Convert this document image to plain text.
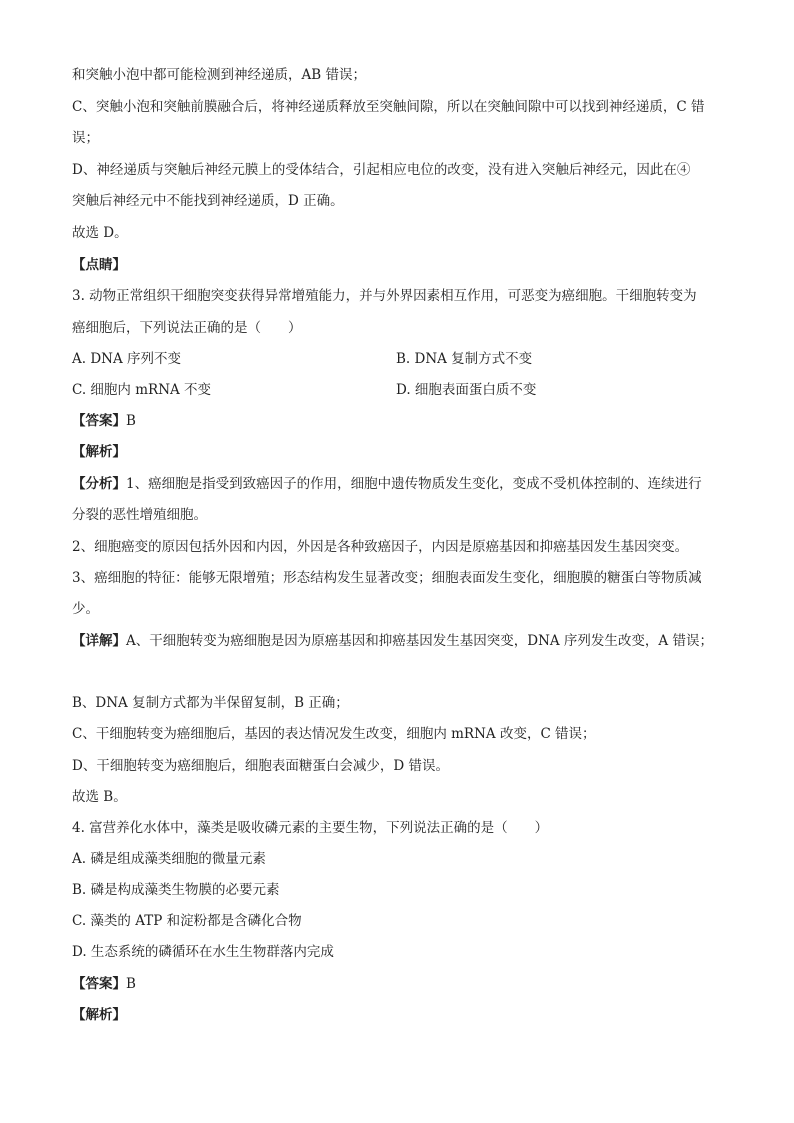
和突触小泡中都可能检测到神经递质，AB 错误；
C、突触小泡和突触前膜融合后，将神经递质释放至突触间隙，所以在突触间隙中可以找到神经递质，C 错
误；
D、神经递质与突触后神经元膜上的受体结合，引起相应电位的改变，没有进入突触后神经元，因此在④
突触后神经元中不能找到神经递质，D 正确。
故选 D。
【点睛】
3. 动物正常组织干细胞突变获得异常增殖能力，并与外界因素相互作用，可恶变为癌细胞。干细胞转变为
癌细胞后，下列说法正确的是（　　）
A. DNA 序列不变	B. DNA 复制方式不变
C. 细胞内 mRNA 不变	D. 细胞表面蛋白质不变
【答案】B
【解析】
【分析】1、癌细胞是指受到致癌因子的作用，细胞中遗传物质发生变化，变成不受机体控制的、连续进行
分裂的恶性增殖细胞。
2、细胞癌变的原因包括外因和内因，外因是各种致癌因子，内因是原癌基因和抑癌基因发生基因突变。
3、癌细胞的特征：能够无限增殖；形态结构发生显著改变；细胞表面发生变化，细胞膜的糖蛋白等物质减
少。
【详解】A、干细胞转变为癌细胞是因为原癌基因和抑癌基因发生基因突变，DNA 序列发生改变，A 错误；
B、DNA 复制方式都为半保留复制，B 正确；
C、干细胞转变为癌细胞后，基因的表达情况发生改变，细胞内 mRNA 改变，C 错误；
D、干细胞转变为癌细胞后，细胞表面糖蛋白会减少，D 错误。
故选 B。
4. 富营养化水体中，藻类是吸收磷元素的主要生物，下列说法正确的是（　　）
A. 磷是组成藻类细胞的微量元素
B. 磷是构成藻类生物膜的必要元素
C. 藻类的 ATP 和淀粉都是含磷化合物
D. 生态系统的磷循环在水生生物群落内完成
【答案】B
【解析】
